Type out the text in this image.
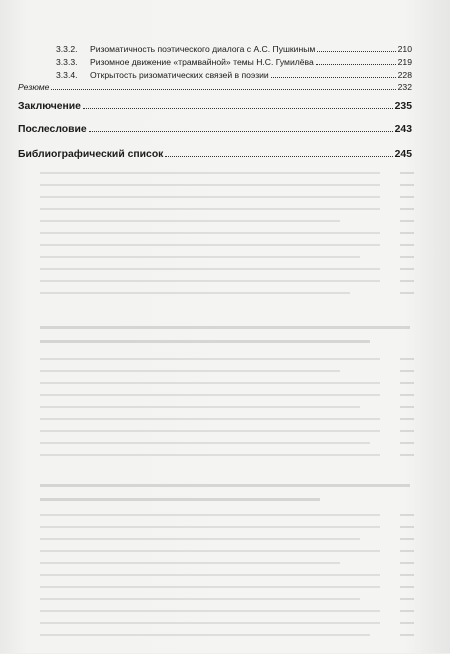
3.3.2.	Ризоматичность поэтического диалога с А.С. Пушкиным	210
3.3.3.	Ризомное движение «трамвайной» темы Н.С. Гумилёва	219
3.3.4.	Открытость ризоматических связей в поэзии	228
Резюме	232
Заключение	235
Послесловие	243
Библиографический список	245
